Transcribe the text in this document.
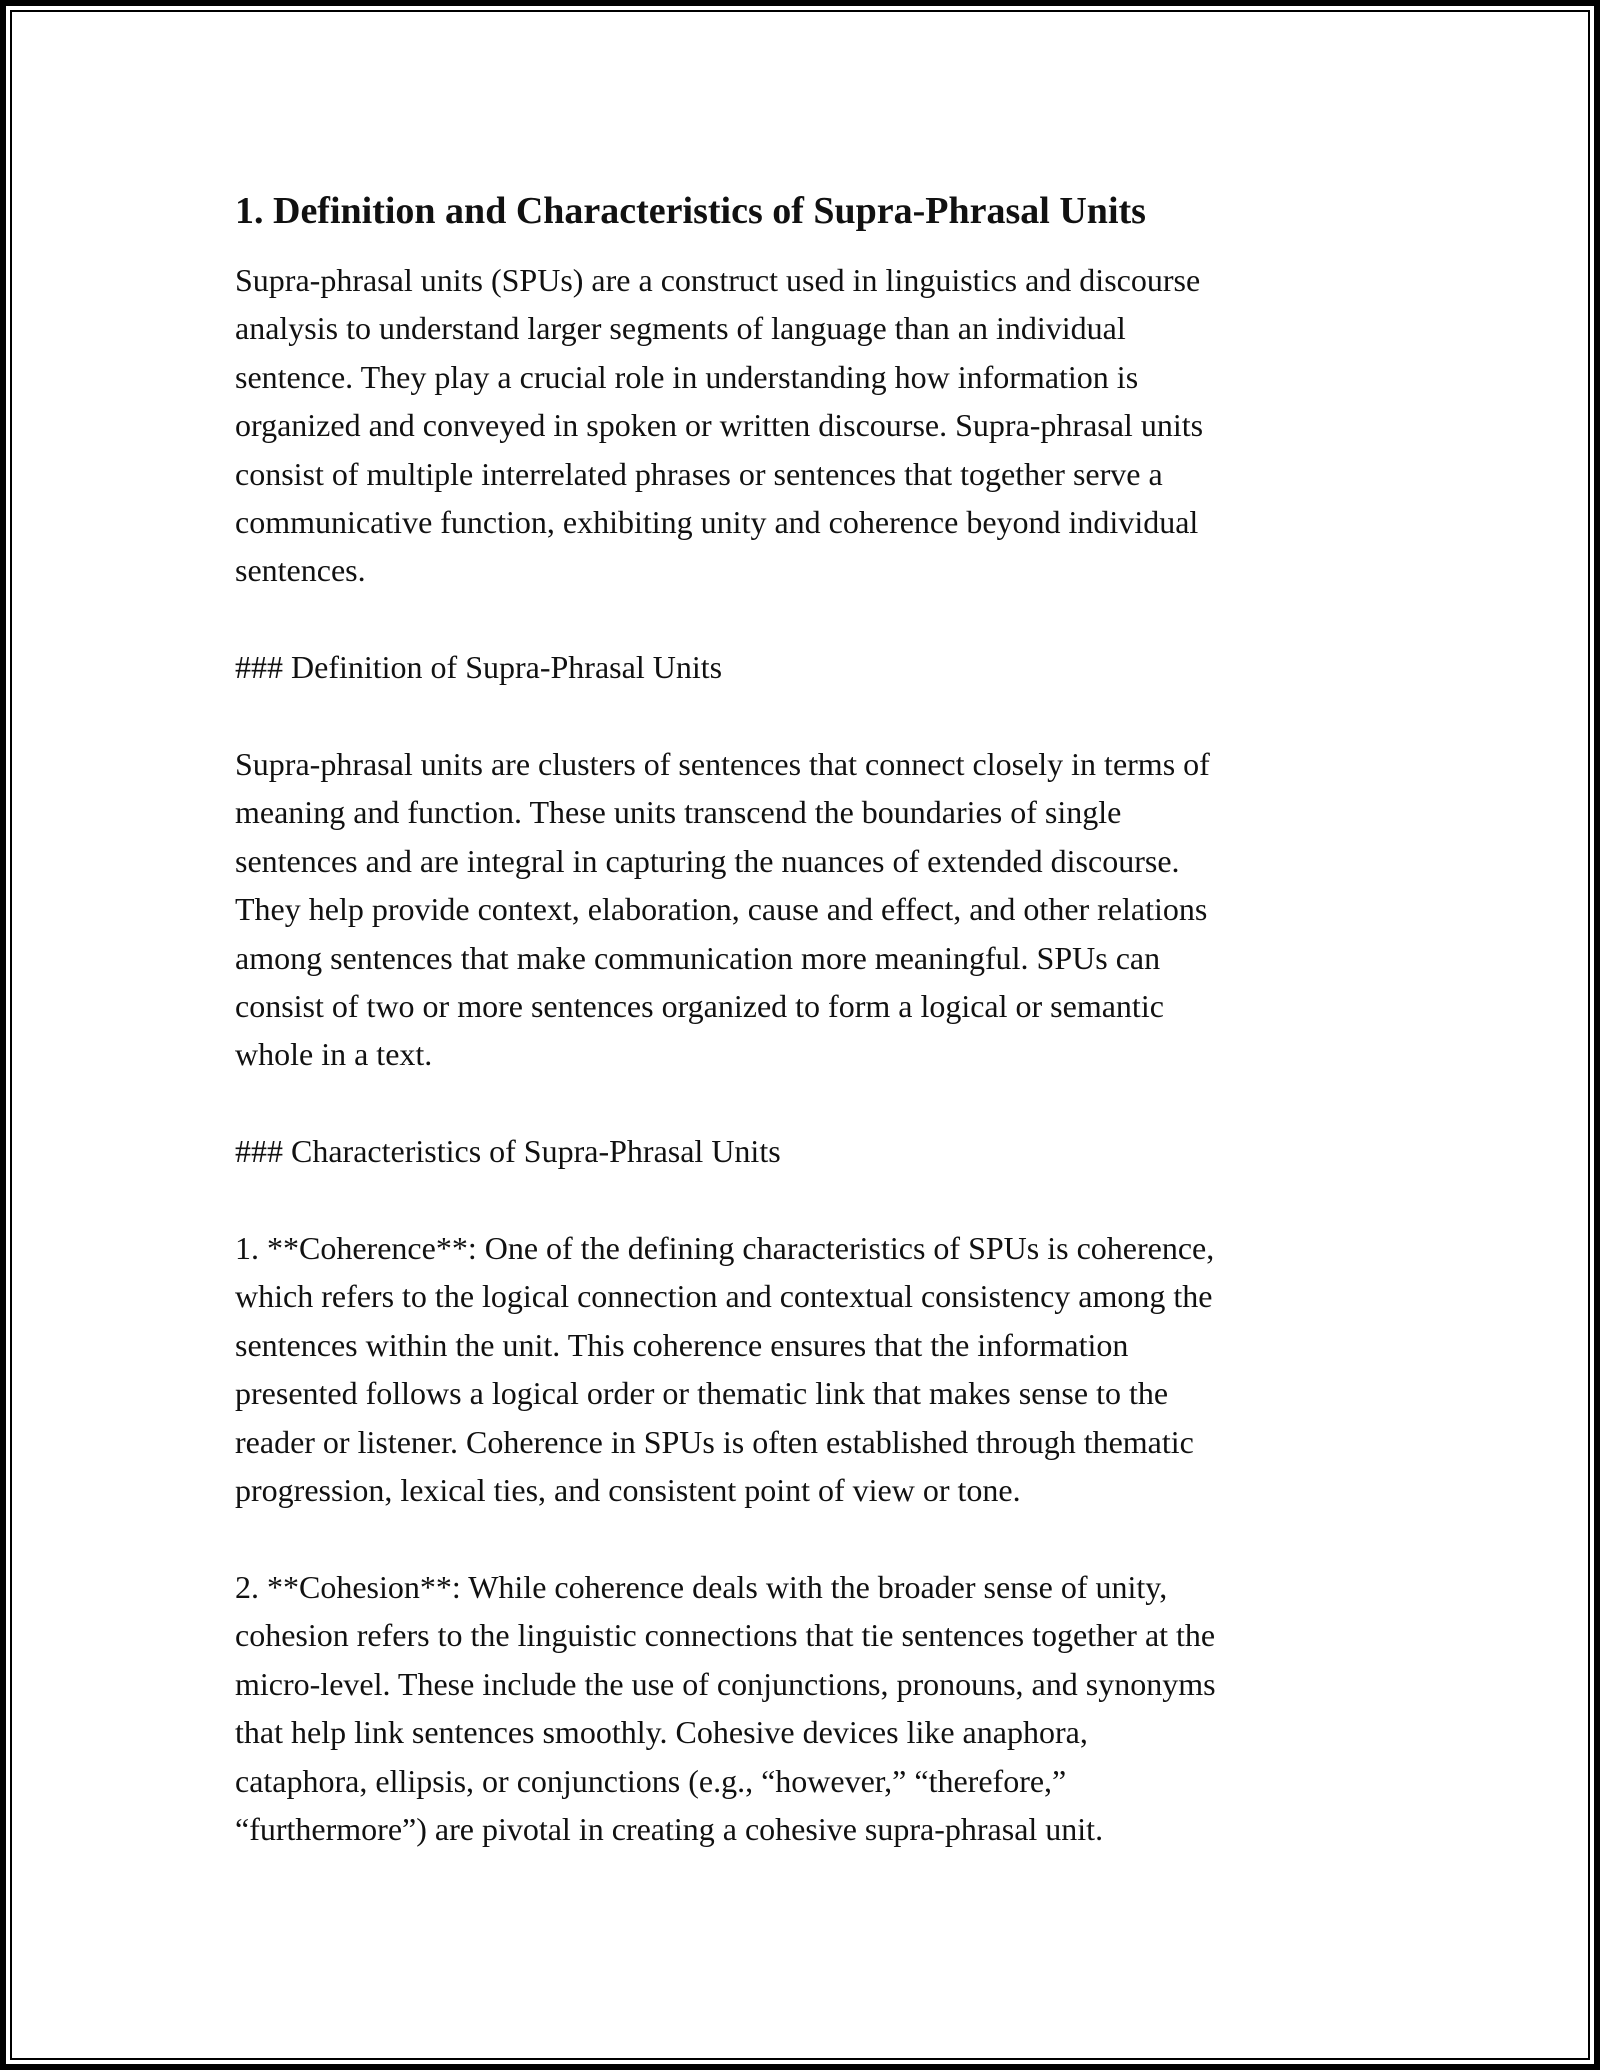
1. Definition and Characteristics of Supra-Phrasal Units

Supra-phrasal units (SPUs) are a construct used in linguistics and discourse
analysis to understand larger segments of language than an individual
sentence. They play a crucial role in understanding how information is
organized and conveyed in spoken or written discourse. Supra-phrasal units
consist of multiple interrelated phrases or sentences that together serve a
communicative function, exhibiting unity and coherence beyond individual
sentences.

### Definition of Supra-Phrasal Units

Supra-phrasal units are clusters of sentences that connect closely in terms of
meaning and function. These units transcend the boundaries of single
sentences and are integral in capturing the nuances of extended discourse.
They help provide context, elaboration, cause and effect, and other relations
among sentences that make communication more meaningful. SPUs can
consist of two or more sentences organized to form a logical or semantic
whole in a text.

### Characteristics of Supra-Phrasal Units

1. **Coherence**: One of the defining characteristics of SPUs is coherence,
which refers to the logical connection and contextual consistency among the
sentences within the unit. This coherence ensures that the information
presented follows a logical order or thematic link that makes sense to the
reader or listener. Coherence in SPUs is often established through thematic
progression, lexical ties, and consistent point of view or tone.

2. **Cohesion**: While coherence deals with the broader sense of unity,
cohesion refers to the linguistic connections that tie sentences together at the
micro-level. These include the use of conjunctions, pronouns, and synonyms
that help link sentences smoothly. Cohesive devices like anaphora,
cataphora, ellipsis, or conjunctions (e.g., “however,” “therefore,”
“furthermore”) are pivotal in creating a cohesive supra-phrasal unit.
